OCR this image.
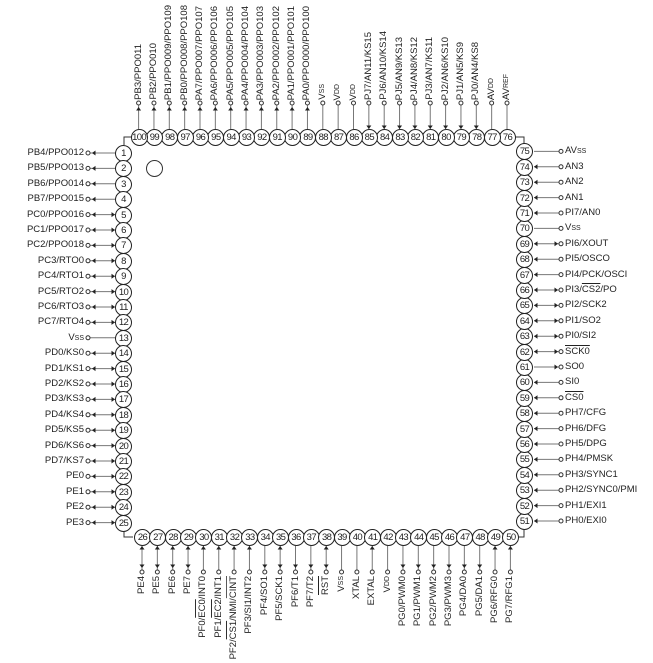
1
PB4/PPO012
2
PB5/PPO013
3
PB6/PPO014
4
PB7/PPO015
5
PC0/PPO016
6
PC1/PPO017
7
PC2/PPO018
8
PC3/RTO0
9
PC4/RTO1
10
PC5/RTO2
11
PC6/RTO3
12
PC7/RTO4
13
VSS
14
PD0/KS0
15
PD1/KS1
16
PD2/KS2
17
PD3/KS3
18
PD4/KS4
19
PD5/KS5
20
PD6/KS6
21
PD7/KS7
22
PE0
23
PE1
24
PE2
25
PE3
26
PE4
27
PE5
28
PE6
29
PE7
30
PF0/EC0/INT0
31
PF1/EC2/INT1
32
PF2/CS1/NMI/CINT
33
PF3/SI1/INT2
34
PF4/SO1
35
PF5/SCK1
36
PF6/T1
37
PF7/T2
38
RST
39
VSS
40
XTAL
41
EXTAL
42
VDD
43
PG0/PWM0
44
PG1/PWM1
45
PG2/PWM2
46
PG3/PWM3
47
PG4/DA0
48
PG5/DA1
49
PG6/RFG0
50
PG7/RFG1
51	PH0/EXI0
52	PH1/EXI1
53	PH2/SYNC0/PMI
54	PH3/SYNC1
55	PH4/PMSK
56	PH5/DPG
57	PH6/DFG
58	PH7/CFG
59	CS0
60	SI0
61	SO0
62	SCK0
63	PI0/SI2
64	PI1/SO2
65	PI2/SCK2
66	PI3/CS2/PO
67	PI4/PCK/OSCI
68	PI5/OSCO
69	PI6/XOUT
70	VSS
71	PI7/AN0
72	AN1
73	AN2
74	AN3
75	AVSS
76
AVREF
77
AVDD
78
PJ0/AN4/KS8
79
PJ1/AN5/KS9
80
PJ2/AN6/KS10
81
PJ3/AN7/KS11
82
PJ4/AN8/KS12
83
PJ5/AN9/KS13
84
PJ6/AN10/KS14
85
PJ7/AN11/KS15
86
VDD
87
VDD
88
VSS
89
PA0/PPO000/PPO100
90
PA1/PPO001/PPO101
91
PA2/PPO002/PPO102
92
PA3/PPO003/PPO103
93
PA4/PPO004/PPO104
94
PA5/PPO005/PPO105
95
PA6/PPO006/PPO106
96
PA7/PPO007/PPO107
97
PB0/PPO008/PPO108
98
PB1/PPO009/PPO109
99
PB2/PPO010
100
PB3/PPO011
